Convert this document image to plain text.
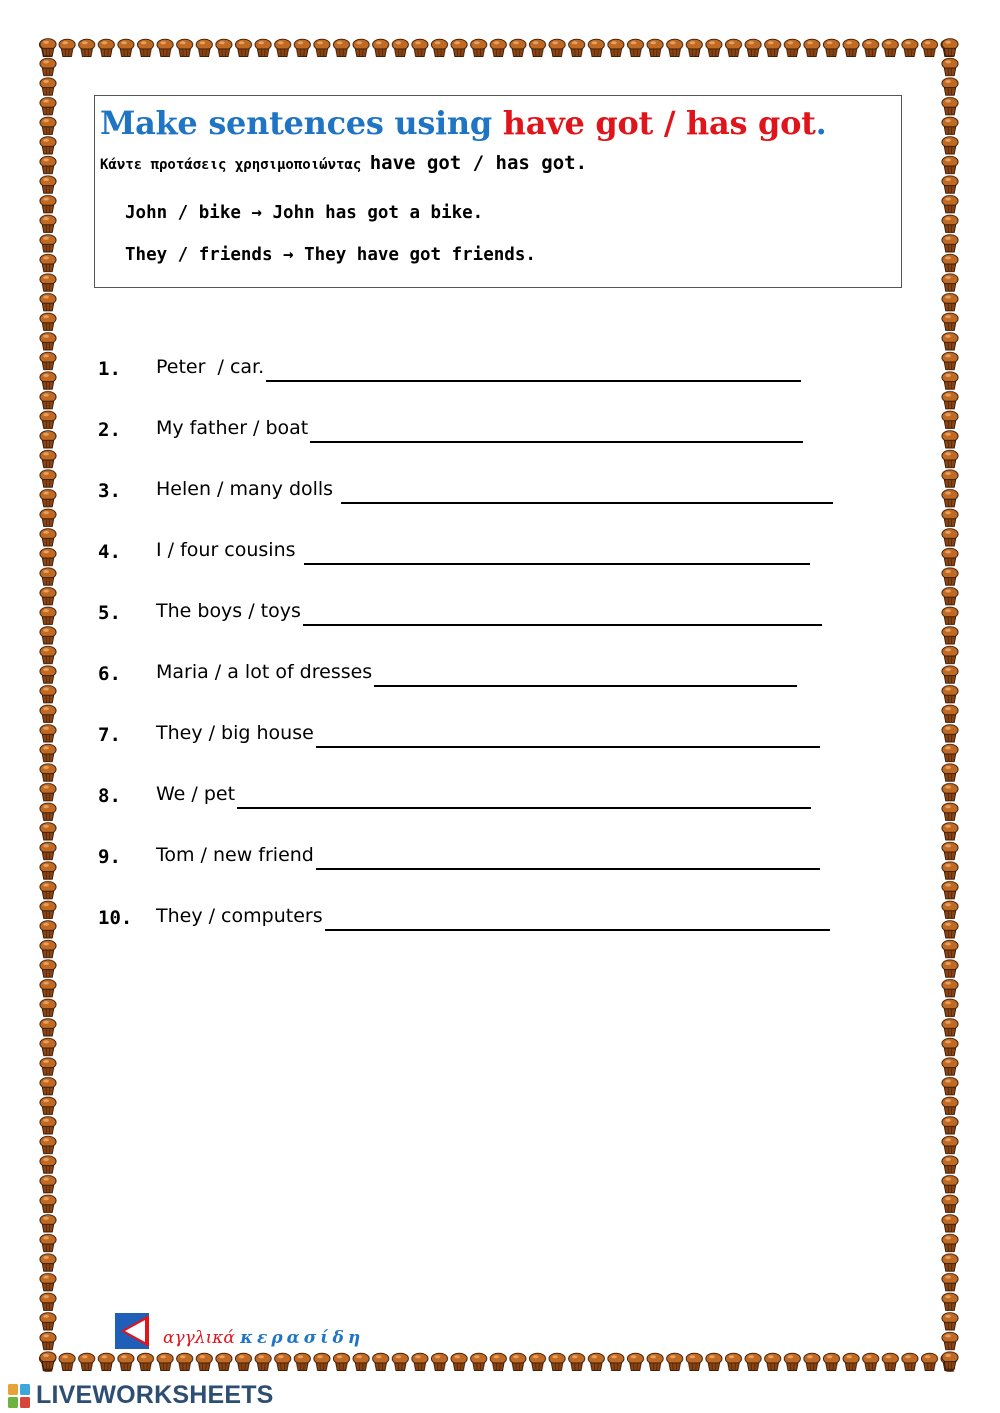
Make sentences using have got / has got.
Κάντε προτάσεις χρησιμοποιώντας have got / has got.
John / bike → John has got a bike.
They / friends → They have got friends.
1. Peter  / car.
2. My father / boat
3. Helen / many dolls
4. I / four cousins
5. The boys / toys
6. Maria / a lot of dresses
7. They / big house
8. We / pet
9. Tom / new friend
10. They / computers
αγγλικά κερασίδη
LIVEWORKSHEETS
